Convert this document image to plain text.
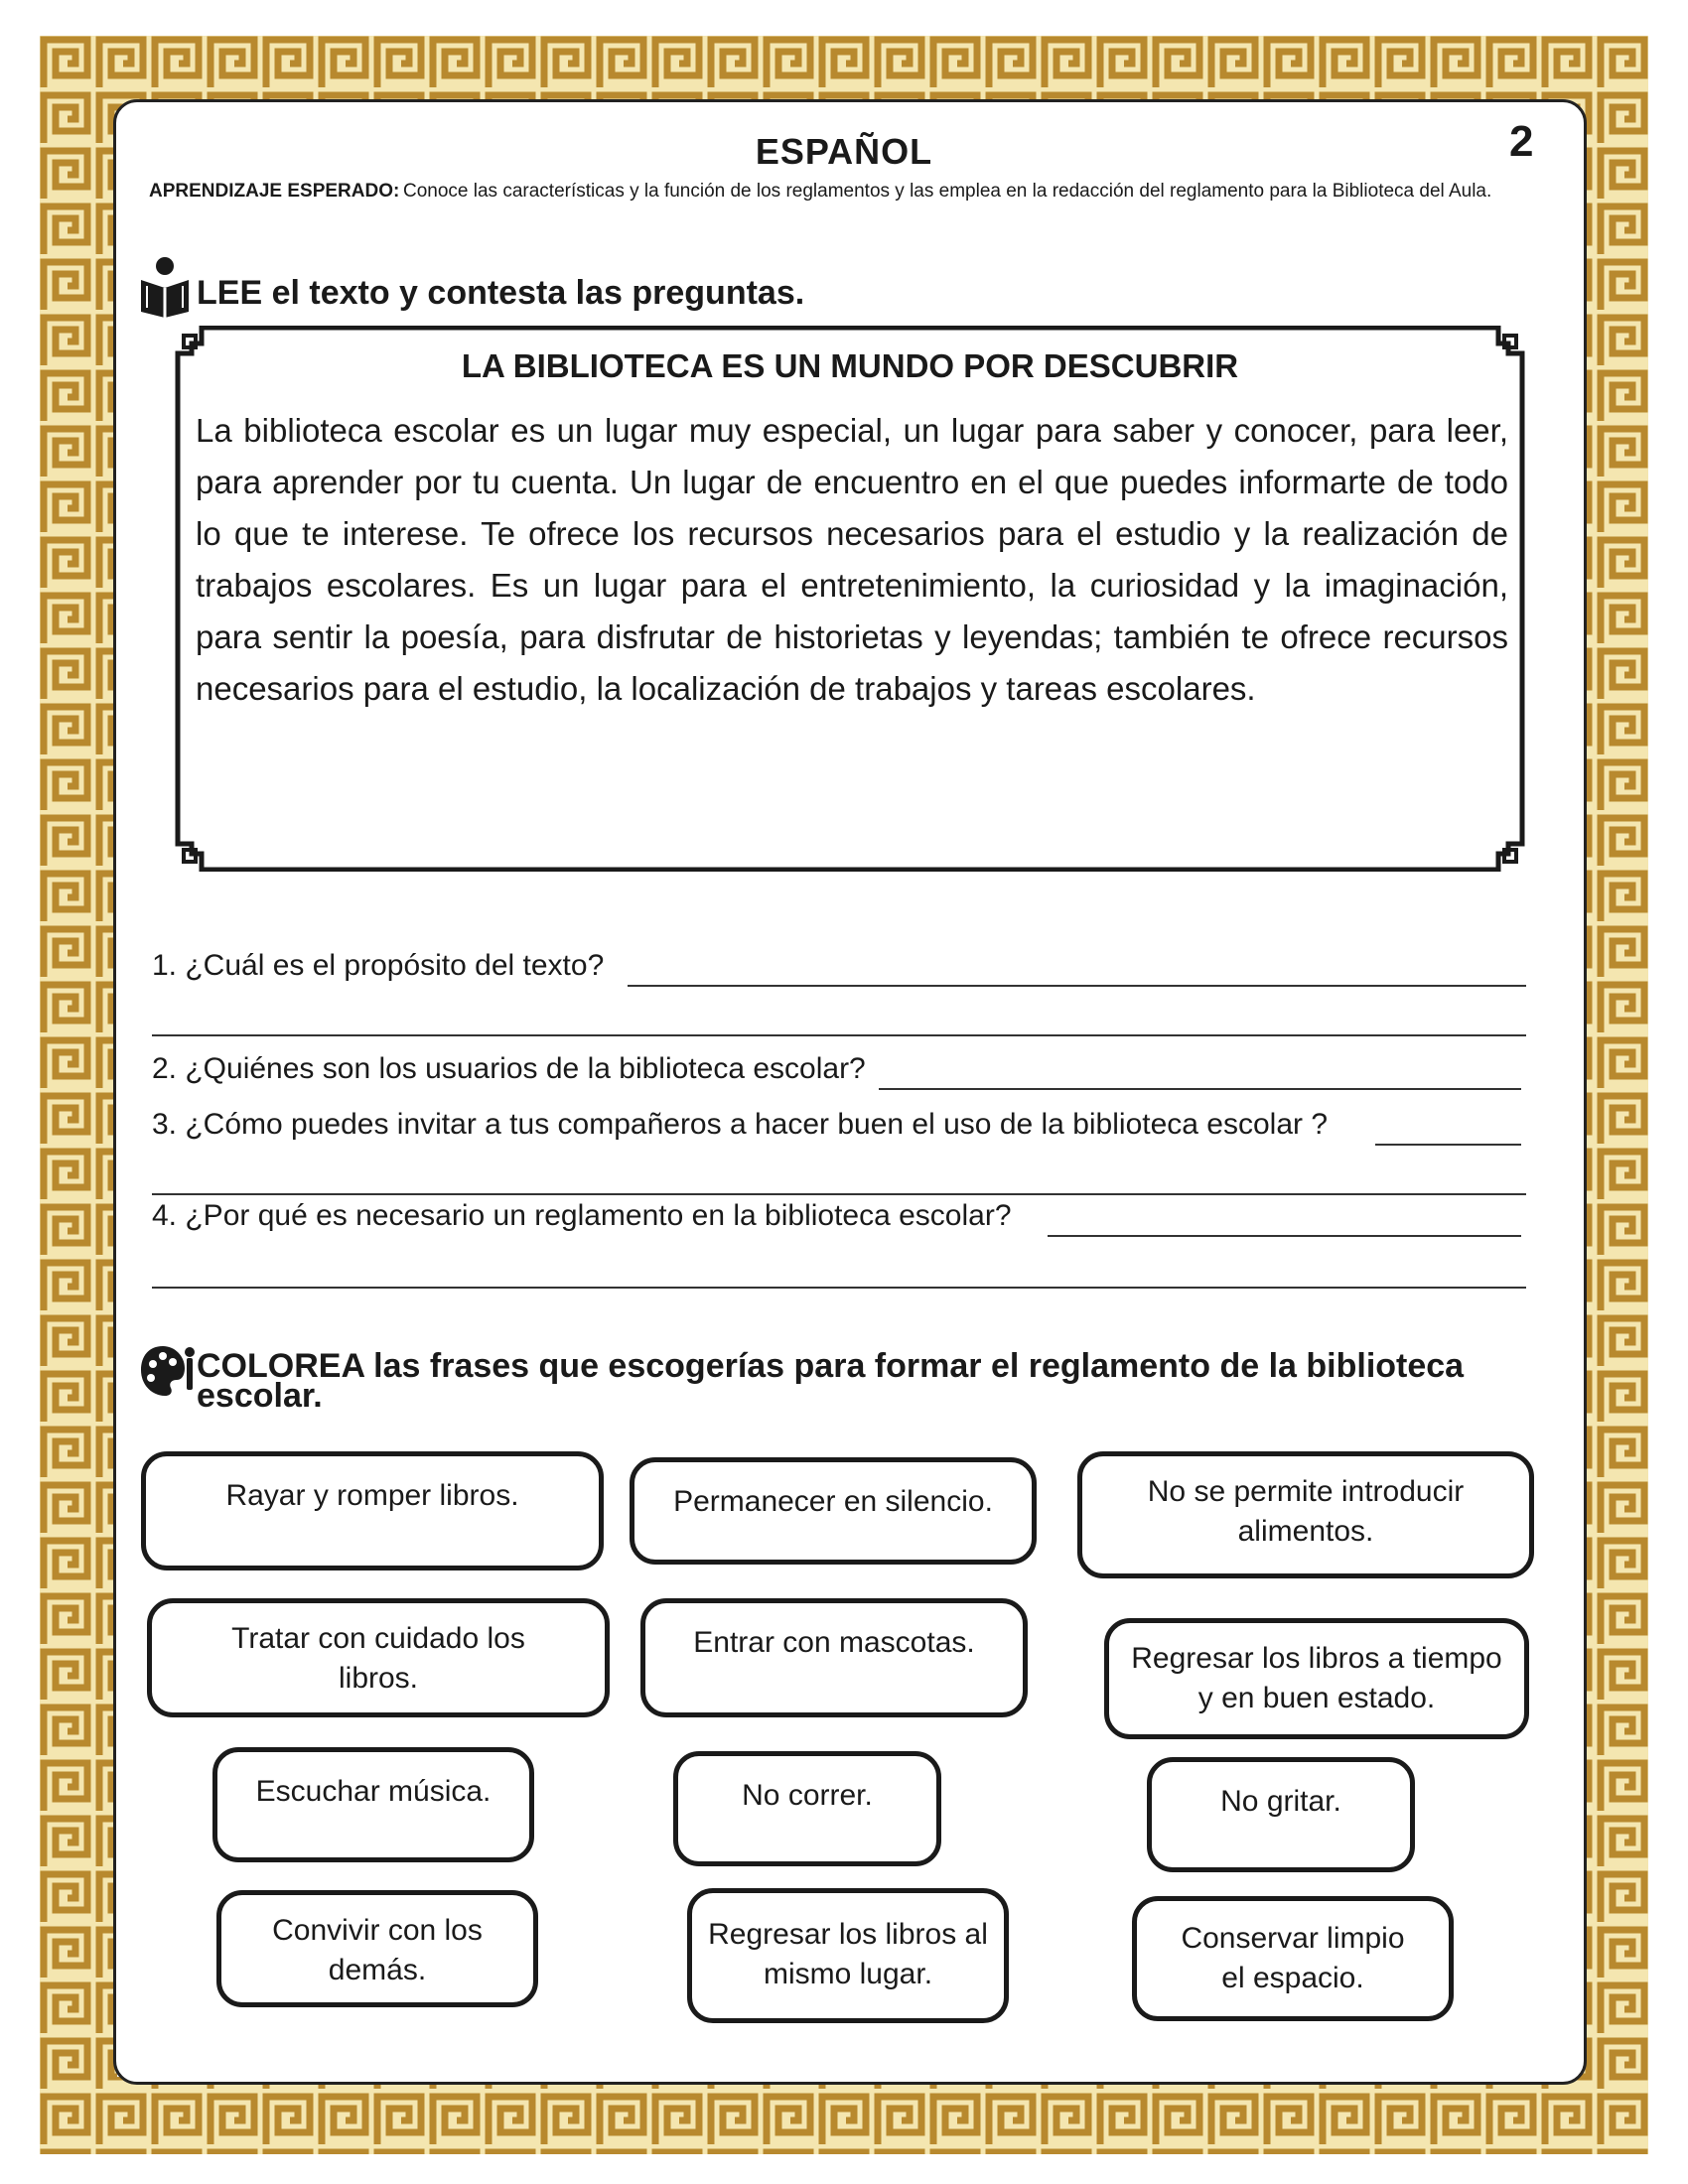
ESPAÑOL	2
APRENDIZAJE ESPERADO: Conoce las características y la función de los reglamentos y las emplea en la redacción del reglamento para la Biblioteca del Aula.
LEE el texto y contesta las preguntas.
LA BIBLIOTECA ES UN MUNDO POR DESCUBRIR
La biblioteca escolar es un lugar muy especial, un lugar para saber y conocer, para leer, para aprender por tu cuenta. Un lugar de encuentro en el que puedes informarte de todo lo que te interese. Te ofrece los recursos necesarios para el estudio y la realización de trabajos escolares. Es un lugar para el entretenimiento, la curiosidad y la imaginación, para sentir la poesía, para disfrutar de historietas y leyendas; también te ofrece recursos necesarios para el estudio, la localización de trabajos y tareas escolares.
1. ¿Cuál es el propósito del texto?
2. ¿Quiénes son los usuarios de la biblioteca escolar?
3. ¿Cómo puedes invitar a tus compañeros a hacer buen el uso de la biblioteca escolar ?
4. ¿Por qué es necesario un reglamento en la biblioteca escolar?
COLOREA las frases que escogerías para formar el reglamento de la biblioteca escolar.
Rayar y romper libros.	Permanecer en silencio.	No se permite introducir alimentos.
Tratar con cuidado los libros.
Entrar con mascotas.	Regresar los libros a tiempo y en buen estado.
Escuchar música.	No correr.	No gritar.
Convivir con los demás.
Regresar los libros al mismo lugar.
Conservar limpio el espacio.
